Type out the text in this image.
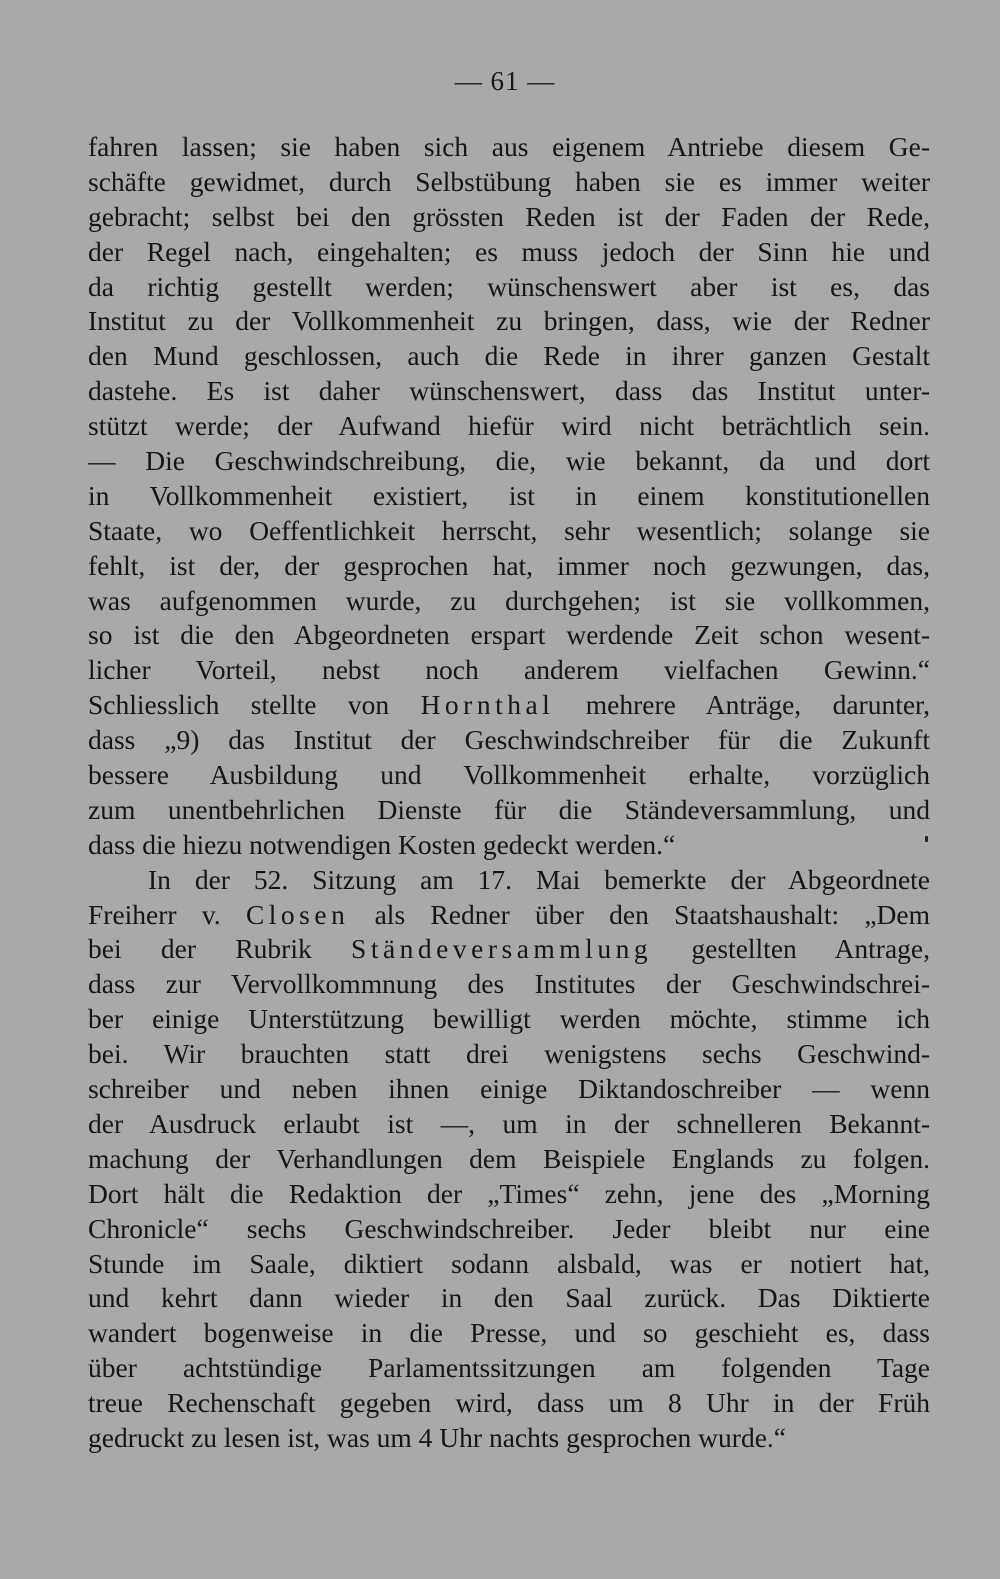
— 61 —
fahren lassen; sie haben sich aus eigenem Antriebe diesem Ge-
schäfte gewidmet, durch Selbstübung haben sie es immer weiter
gebracht; selbst bei den grössten Reden ist der Faden der Rede,
der Regel nach, eingehalten; es muss jedoch der Sinn hie und
da richtig gestellt werden; wünschenswert aber ist es, das
Institut zu der Vollkommenheit zu bringen, dass, wie der Redner
den Mund geschlossen, auch die Rede in ihrer ganzen Gestalt
dastehe. Es ist daher wünschenswert, dass das Institut unter-
stützt werde; der Aufwand hiefür wird nicht beträchtlich sein.
— Die Geschwindschreibung, die, wie bekannt, da und dort
in Vollkommenheit existiert, ist in einem konstitutionellen
Staate, wo Oeffentlichkeit herrscht, sehr wesentlich; solange sie
fehlt, ist der, der gesprochen hat, immer noch gezwungen, das,
was aufgenommen wurde, zu durchgehen; ist sie vollkommen,
so ist die den Abgeordneten erspart werdende Zeit schon wesent-
licher Vorteil, nebst noch anderem vielfachen Gewinn.“
Schliesslich stellte von Hornthal mehrere Anträge, darunter,
dass „9) das Institut der Geschwindschreiber für die Zukunft
bessere Ausbildung und Vollkommenheit erhalte, vorzüglich
zum unentbehrlichen Dienste für die Ständeversammlung, und
dass die hiezu notwendigen Kosten gedeckt werden.“
In der 52. Sitzung am 17. Mai bemerkte der Abgeordnete
Freiherr v. Closen als Redner über den Staatshaushalt: „Dem
bei der Rubrik Ständeversammlung gestellten Antrage,
dass zur Vervollkommnung des Institutes der Geschwindschrei-
ber einige Unterstützung bewilligt werden möchte, stimme ich
bei. Wir brauchten statt drei wenigstens sechs Geschwind-
schreiber und neben ihnen einige Diktandoschreiber — wenn
der Ausdruck erlaubt ist —, um in der schnelleren Bekannt-
machung der Verhandlungen dem Beispiele Englands zu folgen.
Dort hält die Redaktion der „Times“ zehn, jene des „Morning
Chronicle“ sechs Geschwindschreiber. Jeder bleibt nur eine
Stunde im Saale, diktiert sodann alsbald, was er notiert hat,
und kehrt dann wieder in den Saal zurück. Das Diktierte
wandert bogenweise in die Presse, und so geschieht es, dass
über achtstündige Parlamentssitzungen am folgenden Tage
treue Rechenschaft gegeben wird, dass um 8 Uhr in der Früh
gedruckt zu lesen ist, was um 4 Uhr nachts gesprochen wurde.“
